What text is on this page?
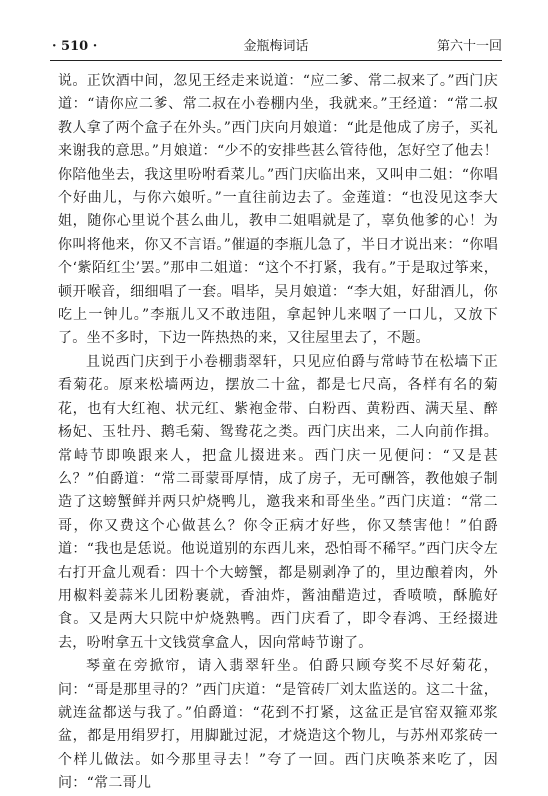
· 510 ·	金瓶梅词话	第六十一回

说。正饮酒中间，忽见王经走来说道：“应二爹、常二叔来了。”西门庆道：“请你应二爹、常二叔在小卷棚内坐，我就来。”王经道：“常二叔教人拿了两个盒子在外头。”西门庆向月娘道：“此是他成了房子，买礼来谢我的意思。”月娘道：“少不的安排些甚么管待他，怎好空了他去！你陪他坐去，我这里吩咐看菜儿。”西门庆临出来，又叫申二姐：“你唱个好曲儿，与你六娘听。”一直往前边去了。金莲道：“也没见这李大姐，随你心里说个甚么曲儿，教申二姐唱就是了，辜负他爹的心！为你叫将他来，你又不言语。”催逼的李瓶儿急了，半日才说出来：“你唱个‘紫陌红尘’罢。”那申二姐道：“这个不打紧，我有。”于是取过筝来，顿开喉音，细细唱了一套。唱毕，吴月娘道：“李大姐，好甜酒儿，你吃上一钟儿。”李瓶儿又不敢违阻，拿起钟儿来咽了一口儿，又放下了。坐不多时，下边一阵热热的来，又往屋里去了，不题。

且说西门庆到于小卷棚翡翠轩，只见应伯爵与常峙节在松墙下正看菊花。原来松墙两边，摆放二十盆，都是七尺高，各样有名的菊花，也有大红袍、状元红、紫袍金带、白粉西、黄粉西、满天星、醉杨妃、玉牡丹、鹅毛菊、鸳鸯花之类。西门庆出来，二人向前作揖。常峙节即唤跟来人，把盒儿掇进来。西门庆一见便问：“又是甚么？”伯爵道：“常二哥蒙哥厚情，成了房子，无可酬答，教他娘子制造了这螃蟹鲜并两只炉烧鸭儿，邀我来和哥坐坐。”西门庆道：“常二哥，你又费这个心做甚么？你令正病才好些，你又禁害他！”伯爵道：“我也是恁说。他说道别的东西儿来，恐怕哥不稀罕。”西门庆令左右打开盒儿观看：四十个大螃蟹，都是剔剥净了的，里边酿着肉，外用椒料姜蒜米儿团粉裹就，香油炸，酱油醋造过，香喷喷，酥脆好食。又是两大只院中炉烧熟鸭。西门庆看了，即令春鸿、王经掇进去，吩咐拿五十文钱赏拿盒人，因向常峙节谢了。

琴童在旁掀帘，请入翡翠轩坐。伯爵只顾夸奖不尽好菊花，问：“哥是那里寻的？”西门庆道：“是管砖厂刘太监送的。这二十盆，就连盆都送与我了。”伯爵道：“花到不打紧，这盆正是官窑双箍邓浆盆，都是用绢罗打，用脚跐过泥，才烧造这个物儿，与苏州邓浆砖一个样儿做法。如今那里寻去！”夸了一回。西门庆唤茶来吃了，因问：“常二哥儿
